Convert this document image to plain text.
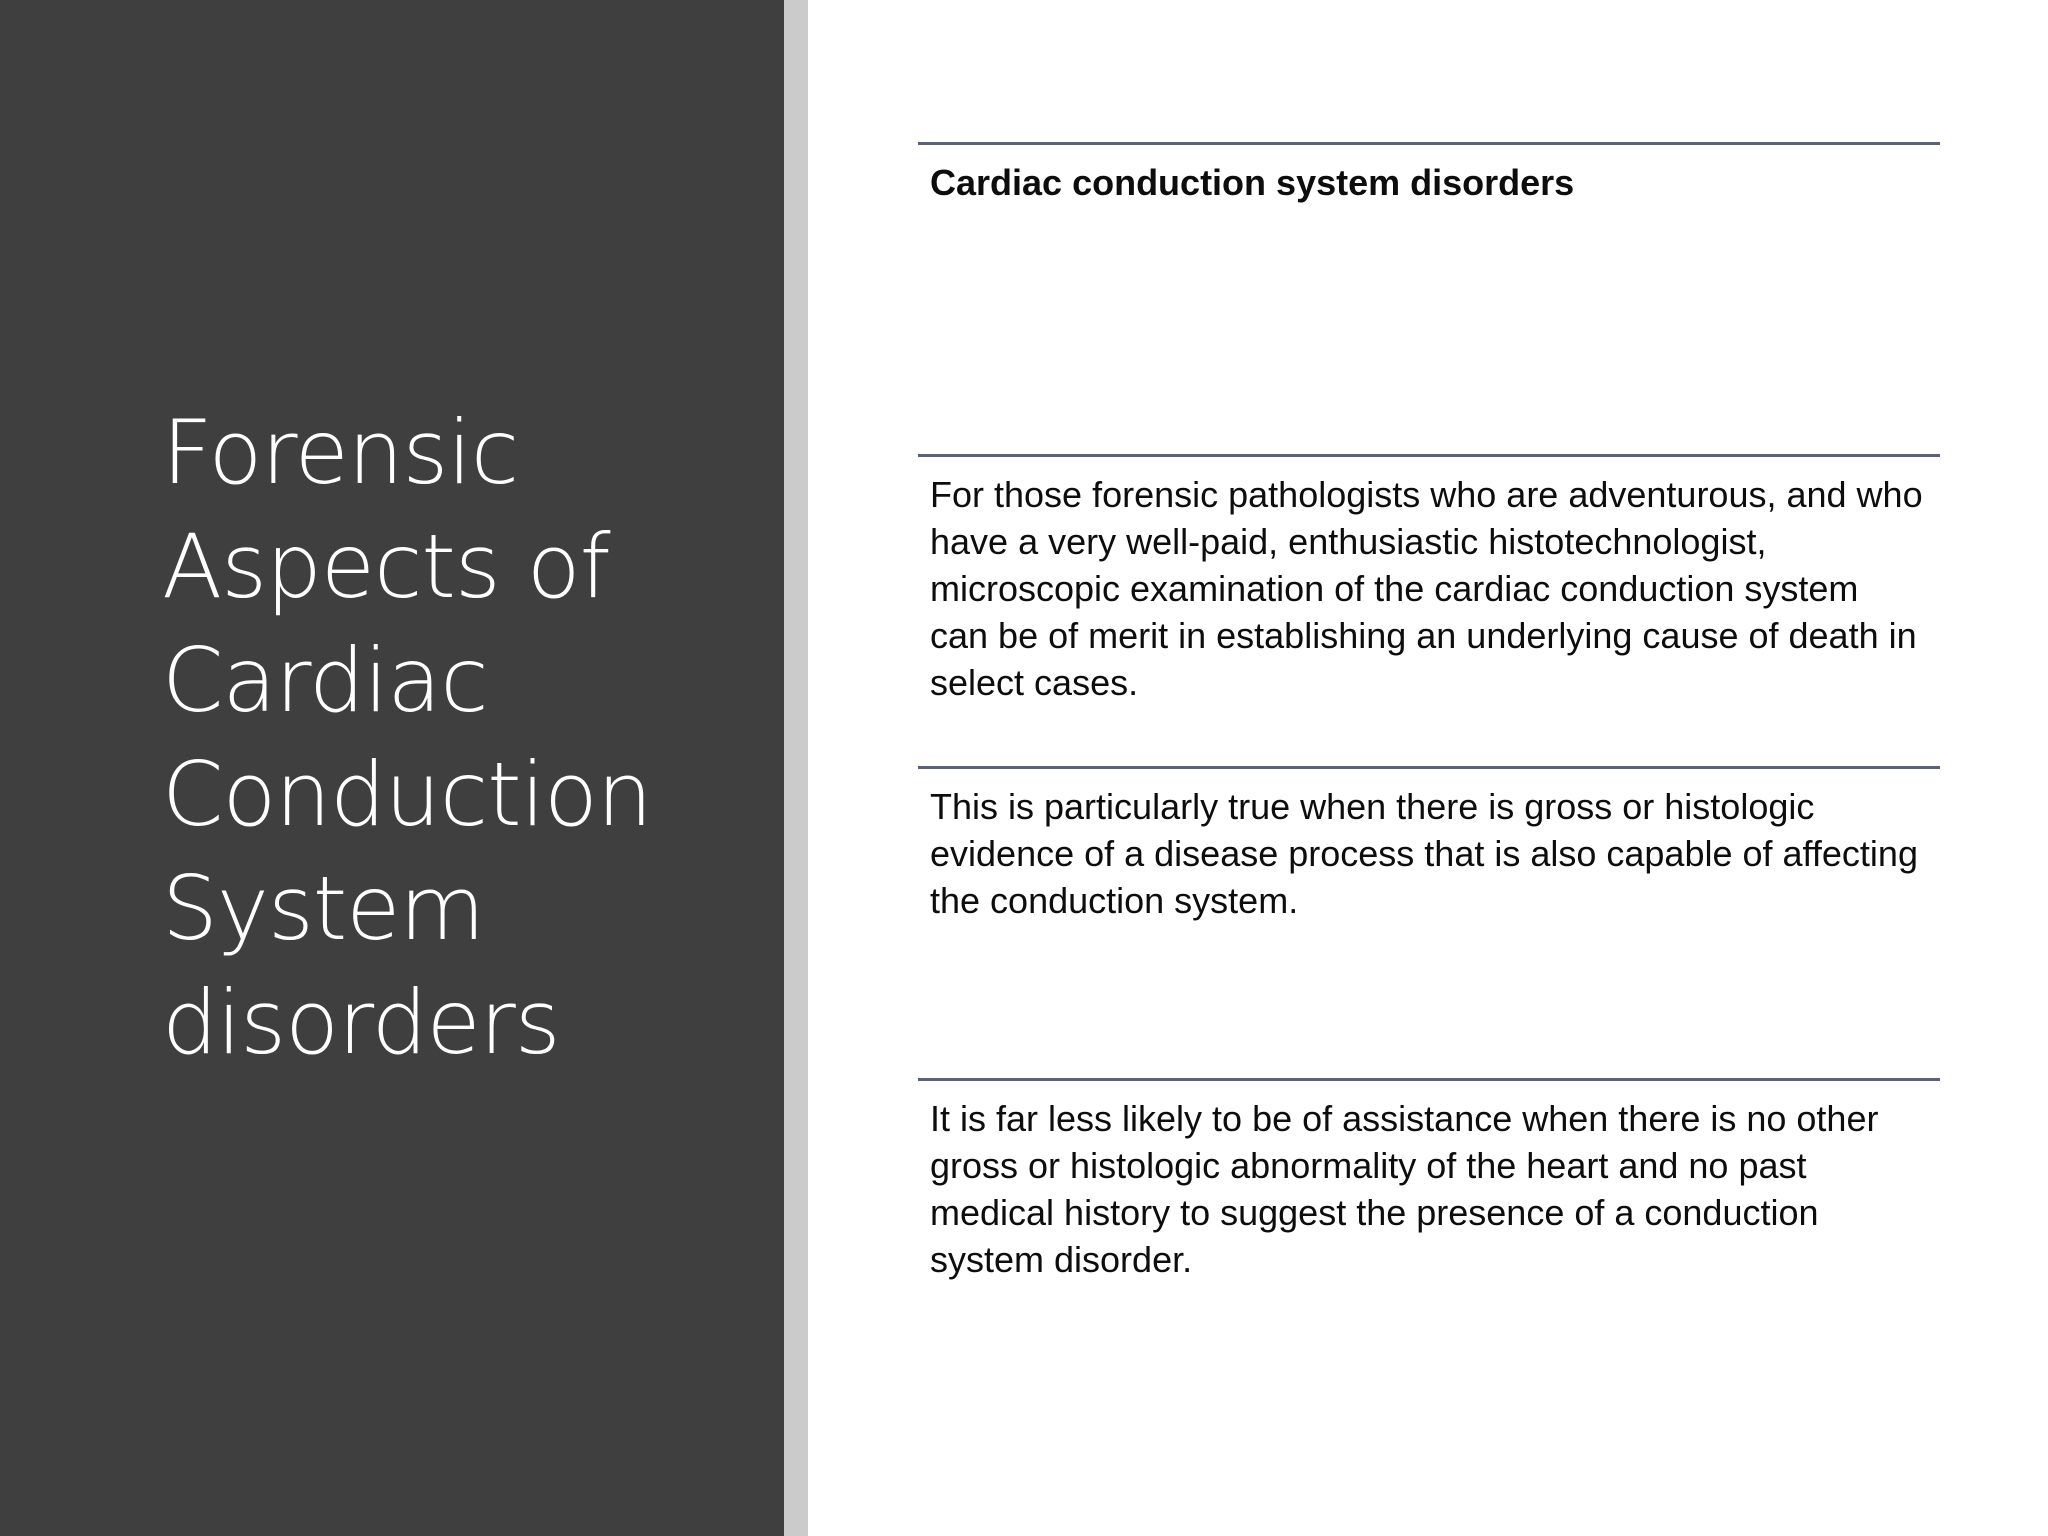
Forensic
Aspects of
Cardiac
Conduction
System
disorders

Cardiac conduction system disorders

For those forensic pathologists who are adventurous, and who have a very well-paid, enthusiastic histotechnologist, microscopic examination of the cardiac conduction system can be of merit in establishing an underlying cause of death in select cases.

This is particularly true when there is gross or histologic evidence of a disease process that is also capable of affecting the conduction system.

It is far less likely to be of assistance when there is no other gross or histologic abnormality of the heart and no past medical history to suggest the presence of a conduction system disorder.
